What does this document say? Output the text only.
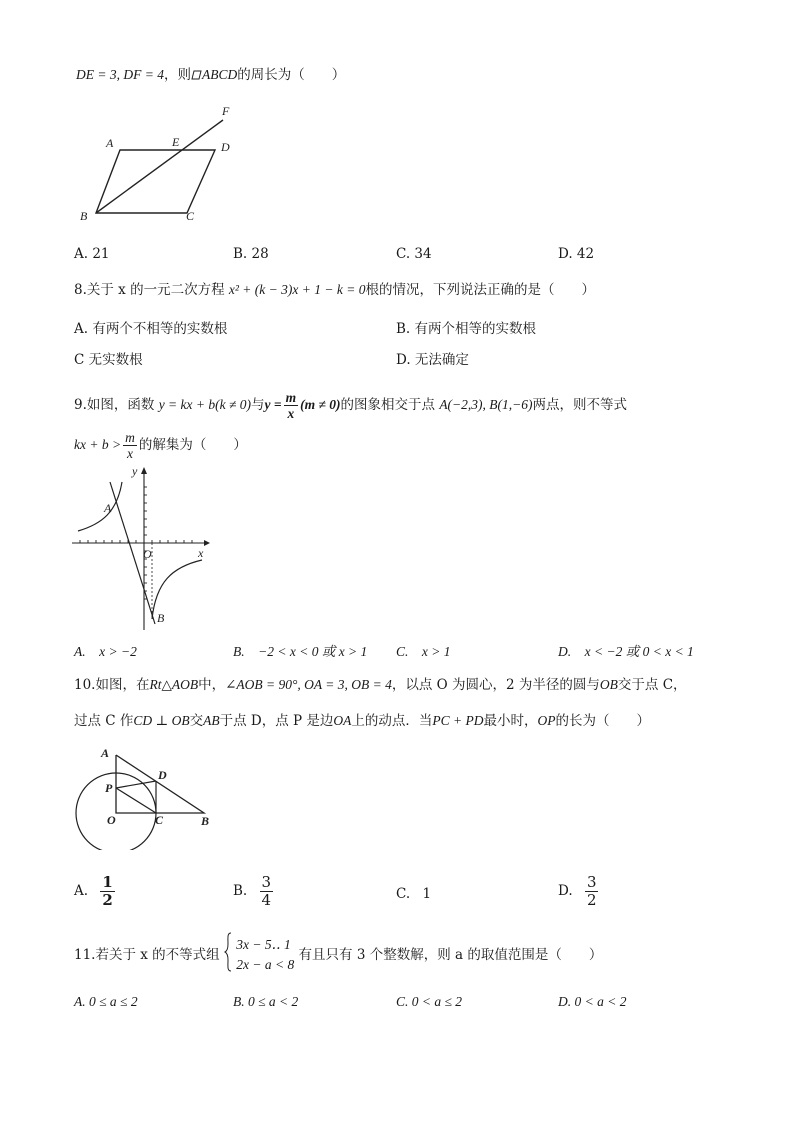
DE = 3, DF = 4，则 ABCD的周长为（　　）
A	E	D
F
B	C
A. 21	B. 28	C. 34	D. 42
8.关于 x 的一元二次方程 x² + (k − 3)x + 1 − k = 0根的情况，下列说法正确的是（　　）
A. 有两个不相等的实数根	B. 有两个相等的实数根
C 无实数根	D. 无法确定
9.如图，函数 y = kx + b(k ≠ 0)与$y = \frac{m}{x} (m \ne 0)$的图象相交于点 A(−2,3), B(1,−6)两点，则不等式
kx + $b > \frac{m}{x}$ 的解集为（　　）
y
x
O
A
B
A.　x > −2	B.　−2 < x < 0 或 x > 1 C.　x > 1	D.　x < −2 或 0 < x < 1
10.如图，在Rt△AOB中，∠AOB = 90°, OA = 3, OB = 4，以点 O 为圆心，2 为半径的圆与OB交于点 C，
过点 C 作CD ⊥ OB交AB于点 D，点 P 是边OA上的动点．当PC + PD最小时，OP的长为（　　）
A
D
P
O	C	B
A. $\frac{1}{2}$	B. $\frac{3}{4}$	C. 1	D. $\frac{3}{2}$
11.若关于 x 的不等式组
3x − 5‥ 1
2x − a < 8
有且只有 3 个整数解，则 a 的取值范围是（　　）
A. 0 ≤ a ≤ 2	B. 0 ≤ a < 2	C. 0 < a ≤ 2	D. 0 < a < 2
